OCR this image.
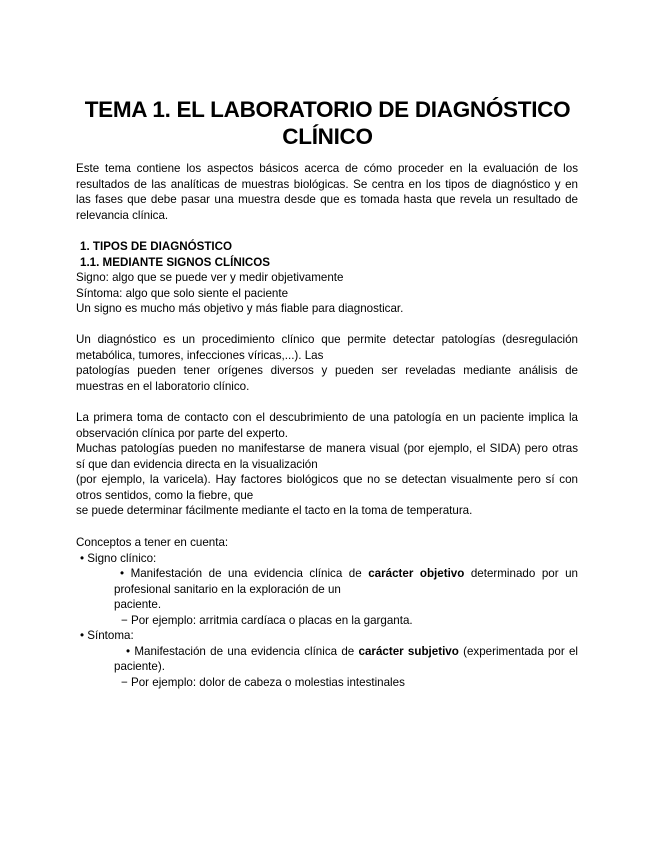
TEMA 1. EL LABORATORIO DE DIAGNÓSTICO
CLÍNICO
Este tema contiene los aspectos básicos acerca de cómo proceder en la evaluación de los
resultados de las analíticas de muestras biológicas. Se centra en los tipos de diagnóstico y en
las fases que debe pasar una muestra desde que es tomada hasta que revela un resultado de
relevancia clínica.
1. TIPOS DE DIAGNÓSTICO
1.1. MEDIANTE SIGNOS CLÍNICOS
Signo: algo que se puede ver y medir objetivamente
Síntoma: algo que solo siente el paciente
Un signo es mucho más objetivo y más fiable para diagnosticar.
Un diagnóstico es un procedimiento clínico que permite detectar patologías (desregulación
metabólica, tumores, infecciones víricas,...). Las
patologías pueden tener orígenes diversos y pueden ser reveladas mediante análisis de
muestras en el laboratorio clínico.
La primera toma de contacto con el descubrimiento de una patología en un paciente implica la
observación clínica por parte del experto.
Muchas patologías pueden no manifestarse de manera visual (por ejemplo, el SIDA) pero otras
sí que dan evidencia directa en la visualización
(por ejemplo, la varicela). Hay factores biológicos que no se detectan visualmente pero sí con
otros sentidos, como la fiebre, que
se puede determinar fácilmente mediante el tacto en la toma de temperatura.
Conceptos a tener en cuenta:
• Signo clínico:
• Manifestación de una evidencia clínica de carácter objetivo determinado por un
profesional sanitario en la exploración de un
paciente.
− Por ejemplo: arritmia cardíaca o placas en la garganta.
• Síntoma:
• Manifestación de una evidencia clínica de carácter subjetivo (experimentada por el
paciente).
− Por ejemplo: dolor de cabeza o molestias intestinales
